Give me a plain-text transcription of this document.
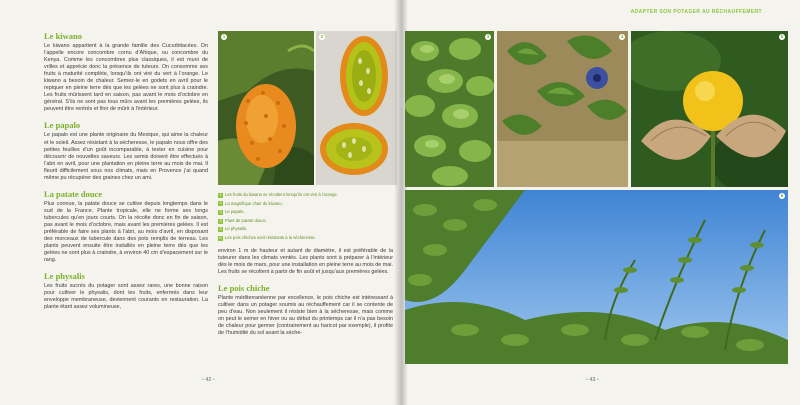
ADAPTER SON POTAGER AU RÉCHAUFFEMENT
Le kiwano

Le kiwano appartient à la grande famille des Cucurbitacées. On l’appelle encore concombre cornu d’Afrique, ou concombre du Kenya. Comme les concombres plus classiques, il est muni de vrilles et apprécie donc la présence de tuteurs. On consomme ses fruits à maturité complète, lorsqu’ils ont viré du vert à l’orange. Le kiwano a besoin de chaleur. Semez-le en godets en avril pour le repiquer en pleine terre dès que les gelées ne sont plus à craindre. Les fruits mûrissent tard en saison, pas avant le mois d’octobre en général. S’ils ne sont pas tous mûrs avant les premières gelées, ils peuvent être rentrés et finir de mûrir à l’intérieur.

Le papalo

Le papalo est une plante originaire du Mexique, qui aime la chaleur et le soleil. Assez résistant à la sécheresse, le papalo nous offre des petites feuilles d’un goût incomparable, à tester en cuisine pour découvrir de nouvelles saveurs. Les semis doivent être effectués à l’abri en avril, pour une plantation en pleine terre au mois de mai. Il fleurit difficilement sous nos climats, mais en Provence j’ai quand même pu récupérer des graines chez un ami.

La patate douce

Plus connue, la patate douce se cultive depuis longtemps dans le sud de la France. Plante tropicale, elle ne forme ses longs tubercules qu’en jours courts. On la récolte donc en fin de saison, pas avant le mois d’octobre, mais avant les premières gelées. Il est préférable de faire ses plants à l’abri, au mois d’avril, en disposant des morceaux de tubercule dans des pots remplis de terreau. Les plants peuvent ensuite être installés en pleine terre dès que les gelées ne sont plus à craindre, à environ 40 cm d’espacement sur le rang.

Le physalis

Les fruits sucrés du potager sont assez rares, une bonne raison pour cultiver le physalis, dont les fruits, enfermés dans leur enveloppe membraneuse, deviennent courants en restauration. La plante étant assez volumineuse,

1	2
1 Les fruits du kiwano se récoltent lorsqu’ils ont viré à l’orange.
2 La magnifique chair du kiwano.
3 Le papalo.
4 Plant de patate douce.
5 Le physalis.
6 Les pois chiches sont résistants à la sécheresse.

environ 1 m de hauteur et autant de diamètre, il est préférable de la tuteurer dans les climats ventés. Les plants sont à préparer à l’intérieur dès le mois de mars, pour une installation en pleine terre au mois de mai. Les fruits se récoltent à partir de fin août et jusqu’aux premières gelées.

Le pois chiche

Plante méditerranéenne par excellence, le pois chiche est intéressant à cultiver dans un potager soumis au réchauffement car il se contente de peu d’eau. Non seulement il résiste bien à la sécheresse, mais comme on peut le semer en hiver ou au début du printemps car il n’a pas besoin de chaleur pour germer (contrairement au haricot par exemple), il profite de l’humidité du sol avant la séche-

• 42 •
3	4	5
6
• 43 •
